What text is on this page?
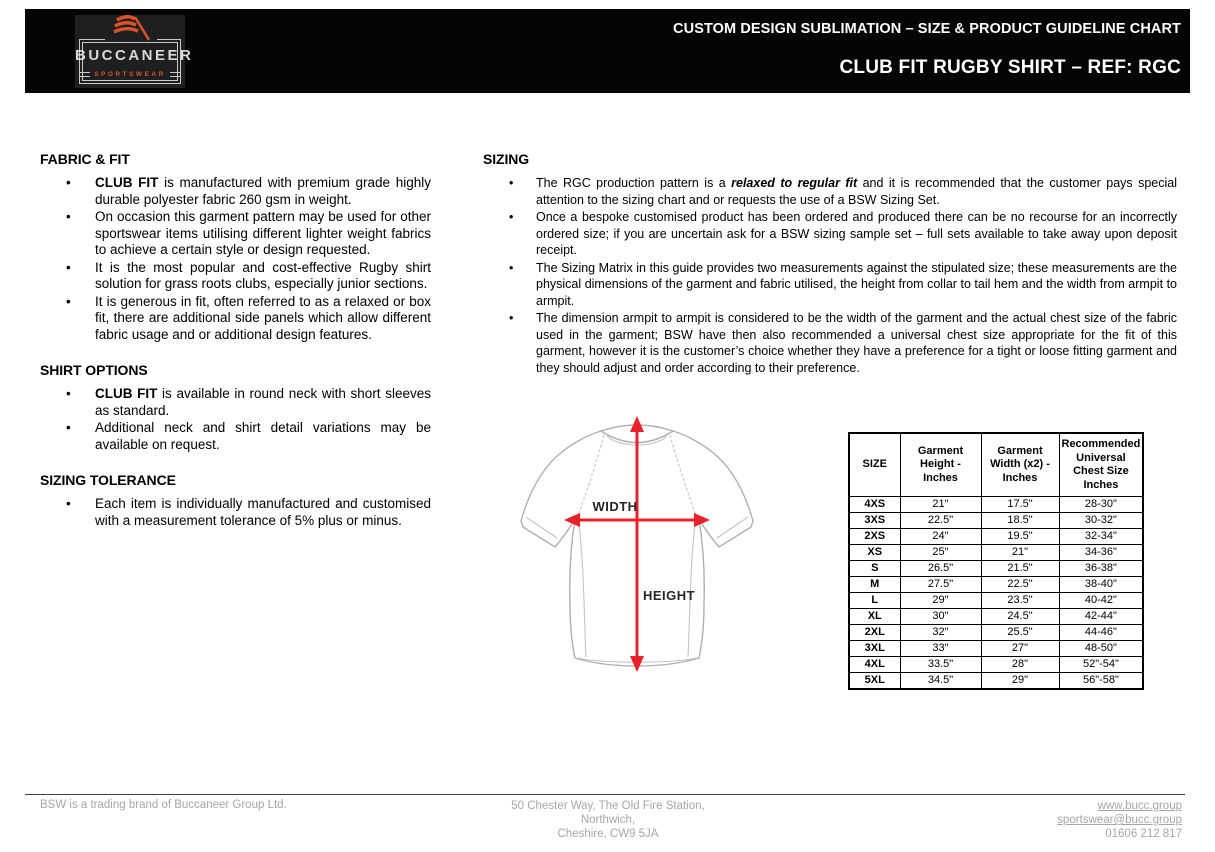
BUCCANEER
SPORTSWEAR
CUSTOM DESIGN SUBLIMATION – SIZE & PRODUCT GUIDELINE CHART
CLUB FIT RUGBY SHIRT – REF: RGC
FABRIC & FIT
• CLUB FIT is manufactured with premium grade highly durable polyester fabric 260 gsm in weight.
• On occasion this garment pattern may be used for other sportswear items utilising different lighter weight fabrics to achieve a certain style or design requested.
• It is the most popular and cost-effective Rugby shirt solution for grass roots clubs, especially junior sections.
• It is generous in fit, often referred to as a relaxed or box fit, there are additional side panels which allow different fabric usage and or additional design features.
SHIRT OPTIONS
• CLUB FIT is available in round neck with short sleeves as standard.
• Additional neck and shirt detail variations may be available on request.
SIZING TOLERANCE
• Each item is individually manufactured and customised with a measurement tolerance of 5% plus or minus.
SIZING
• The RGC production pattern is a relaxed to regular fit and it is recommended that the customer pays special attention to the sizing chart and or requests the use of a BSW Sizing Set.
• Once a bespoke customised product has been ordered and produced there can be no recourse for an incorrectly ordered size; if you are uncertain ask for a BSW sizing sample set – full sets available to take away upon deposit receipt.
• The Sizing Matrix in this guide provides two measurements against the stipulated size; these measurements are the physical dimensions of the garment and fabric utilised, the height from collar to tail hem and the width from armpit to armpit.
• The dimension armpit to armpit is considered to be the width of the garment and the actual chest size of the fabric used in the garment; BSW have then also recommended a universal chest size appropriate for the fit of this garment, however it is the customer’s choice whether they have a preference for a tight or loose fitting garment and they should adjust and order according to their preference.
WIDTH
HEIGHT
SIZE	Garment Height - Inches	Garment Width (x2) - Inches	Recommended Universal Chest Size Inches
4XS	21"	17.5"	28-30"
3XS	22.5"	18.5"	30-32"
2XS	24"	19.5"	32-34"
XS	25"	21"	34-36"
S	26.5"	21.5"	36-38"
M	27.5"	22.5"	38-40"
L	29"	23.5"	40-42"
XL	30"	24.5"	42-44"
2XL	32"	25.5"	44-46"
3XL	33"	27"	48-50"
4XL	33.5"	28"	52"-54"
5XL	34.5"	29"	56"-58"
BSW is a trading brand of Buccaneer Group Ltd.	50 Chester Way, The Old Fire Station,
Northwich,
Cheshire, CW9 5JA
www.bucc.group
sportswear@bucc.group
01606 212 817
